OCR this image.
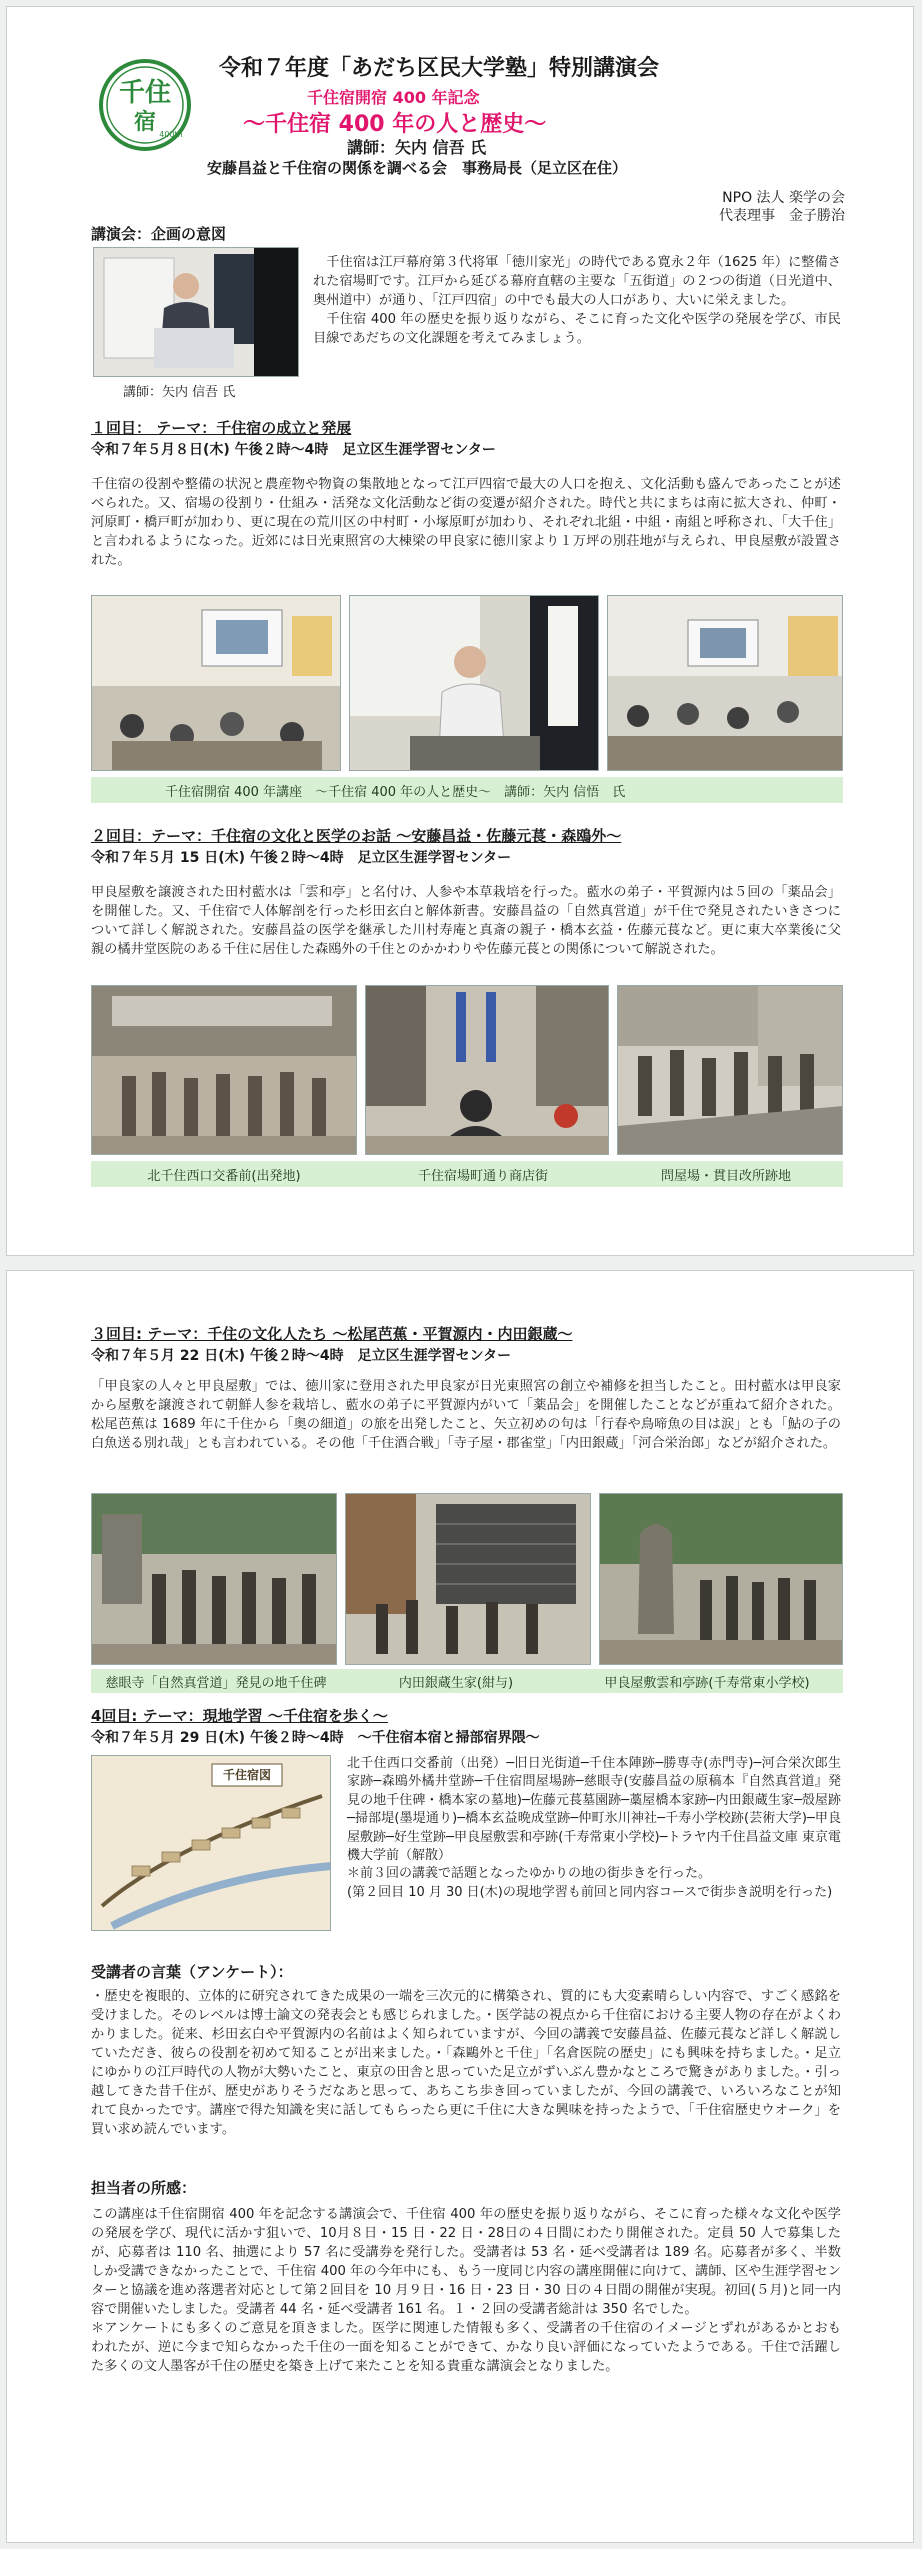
千住
宿 400th
令和７年度「あだち区民大学塾」特別講演会
千住宿開宿 400 年記念
～千住宿 400 年の人と歴史～
講師：矢内 信吾 氏
安藤昌益と千住宿の関係を調べる会　事務局長（足立区在住）
NPO 法人 楽学の会
代表理事　金子勝治
講演会：企画の意図
講師：矢内 信吾 氏
　千住宿は江戸幕府第３代将軍「徳川家光」の時代である寛永２年（1625 年）に整備された宿場町です。江戸から延びる幕府直轄の主要な「五街道」の２つの街道（日光道中、奥州道中）が通り、「江戸四宿」の中でも最大の人口があり、大いに栄えました。
　千住宿 400 年の歴史を振り返りながら、そこに育った文化や医学の発展を学び、市民目線であだちの文化課題を考えてみましょう。
１回目： テーマ：千住宿の成立と発展
令和７年５月８日(木) 午後２時～4時　足立区生涯学習センター
千住宿の役割や整備の状況と農産物や物資の集散地となって江戸四宿で最大の人口を抱え、文化活動も盛んであったことが述べられた。又、宿場の役割り・仕組み・活発な文化活動など街の変遷が紹介された。時代と共にまちは南に拡大され、仲町・河原町・橋戸町が加わり、更に現在の荒川区の中村町・小塚原町が加わり、それぞれ北組・中組・南組と呼称され、「大千住」と言われるようになった。近郊には日光東照宮の大棟梁の甲良家に徳川家より１万坪の別荘地が与えられ、甲良屋敷が設置された。
千住宿開宿 400 年講座　～千住宿 400 年の人と歴史～　講師：矢内 信悟　氏
２回目：テーマ：千住宿の文化と医学のお話 ～安藤昌益・佐藤元萇・森鴎外～
令和７年５月 15 日(木) 午後２時～4時　足立区生涯学習センター
甲良屋敷を譲渡された田村藍水は「雲和亭」と名付け、人参や本草栽培を行った。藍水の弟子・平賀源内は５回の「薬品会」を開催した。又、千住宿で人体解剖を行った杉田玄白と解体新書。安藤昌益の「自然真営道」が千住で発見されたいきさつについて詳しく解説された。安藤昌益の医学を継承した川村寿庵と真斎の親子・橋本玄益・佐藤元萇など。更に東大卒業後に父親の橘井堂医院のある千住に居住した森鴎外の千住とのかかわりや佐藤元萇との関係について解説された。
北千住西口交番前(出発地)	千住宿場町通り商店街	問屋場・貫目改所跡地
３回目: テーマ：千住の文化人たち ～松尾芭蕉・平賀源内・内田銀蔵～
令和７年５月 22 日(木) 午後２時～4時　足立区生涯学習センター
「甲良家の人々と甲良屋敷」では、徳川家に登用された甲良家が日光東照宮の創立や補修を担当したこと。田村藍水は甲良家から屋敷を譲渡されて朝鮮人参を栽培し、藍水の弟子に平賀源内がいて「薬品会」を開催したことなどが重ねて紹介された。松尾芭蕉は 1689 年に千住から「奥の細道」の旅を出発したこと、矢立初めの句は「行春や鳥啼魚の目は涙」とも「鮎の子の白魚送る別れ哉」とも言われている。その他「千住酒合戦」「寺子屋・郡雀堂」「内田銀蔵」「河合栄治郎」などが紹介された。
慈眼寺「自然真営道」発見の地千住碑	内田銀蔵生家(紺与)	甲良屋敷雲和亭跡(千寿常東小学校)
4回目: テーマ：現地学習 ～千住宿を歩く～
令和７年５月 29 日(木) 午後２時～4時　～千住宿本宿と掃部宿界隈～
千住宿図
北千住西口交番前（出発）─旧日光街道─千住本陣跡─勝専寺(赤門寺)─河合栄次郎生家跡─森鴎外橘井堂跡─千住宿問屋場跡─慈眼寺(安藤昌益の原稿本『自然真営道』発見の地千住碑・橋本家の墓地)─佐藤元萇墓園跡─藁屋橋本家跡─内田銀蔵生家─殻屋跡─掃部堤(墨堤通り)─橋本玄益晩成堂跡─仲町氷川神社─千寿小学校跡(芸術大学)─甲良屋敷跡─好生堂跡─甲良屋敷雲和亭跡(千寿常東小学校)─トラヤ内千住昌益文庫 東京電機大学前（解散）
＊前３回の講義で話題となったゆかりの地の街歩きを行った。
(第２回目 10 月 30 日(木)の現地学習も前回と同内容コースで街歩き説明を行った)
受講者の言葉（アンケート）：
・歴史を複眼的、立体的に研究されてきた成果の一端を三次元的に構築され、質的にも大変素晴らしい内容で、すごく感銘を受けました。そのレベルは博士論文の発表会とも感じられました。・医学誌の視点から千住宿における主要人物の存在がよくわかりました。従来、杉田玄白や平賀源内の名前はよく知られていますが、今回の講義で安藤昌益、佐藤元萇など詳しく解説していただき、彼らの役割を初めて知ることが出来ました。・「森鷗外と千住」「名倉医院の歴史」にも興味を持ちました。・足立にゆかりの江戸時代の人物が大勢いたこと、東京の田舎と思っていた足立がずいぶん豊かなところで驚きがありました。・引っ越してきた昔千住が、歴史がありそうだなあと思って、あちこち歩き回っていましたが、今回の講義で、いろいろなことが知れて良かったです。講座で得た知識を実に話してもらったら更に千住に大きな興味を持ったようで、「千住宿歴史ウオーク」を買い求め読んでいます。
担当者の所感：
この講座は千住宿開宿 400 年を記念する講演会で、千住宿 400 年の歴史を振り返りながら、そこに育った様々な文化や医学の発展を学び、現代に活かす狙いで、10月８日・15 日・22 日・28日の４日間にわたり開催された。定員 50 人で募集したが、応募者は 110 名、抽選により 57 名に受講券を発行した。受講者は 53 名・延べ受講者は 189 名。応募者が多く、半数しか受講できなかったことで、千住宿 400 年の今年中にも、もう一度同じ内容の講座開催に向けて、講師、区や生涯学習センターと協議を進め落選者対応として第２回目を 10 月９日・16 日・23 日・30 日の４日間の開催が実現。初回(５月)と同一内容で開催いたしました。受講者 44 名・延べ受講者 161 名。１・２回の受講者総計は 350 名でした。
＊アンケートにも多くのご意見を頂きました。医学に関連した情報も多く、受講者の千住宿のイメージとずれがあるかとおもわれたが、逆に今まで知らなかった千住の一面を知ることができて、かなり良い評価になっていたようである。千住で活躍した多くの文人墨客が千住の歴史を築き上げて来たことを知る貴重な講演会となりました。
